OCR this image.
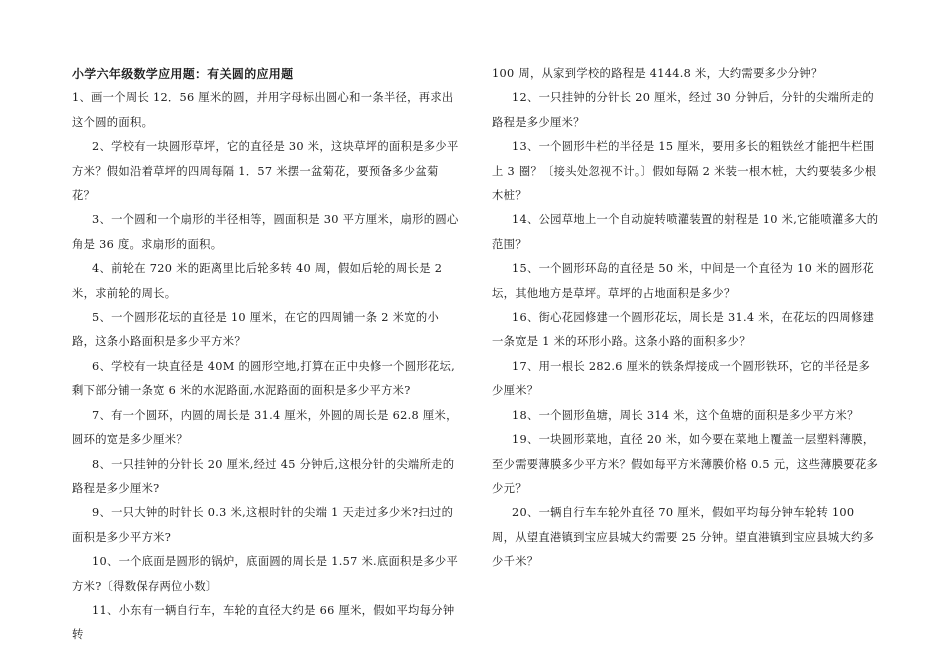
小学六年级数学应用题：有关圆的应用题

1、画一个周长 12．56 厘米的圆，并用字母标出圆心和一条半径，再求出这个圆的面积。

2、学校有一块圆形草坪，它的直径是 30 米，这块草坪的面积是多少平方米？假如沿着草坪的四周每隔 1．57 米摆一盆菊花，要预备多少盆菊花？

3、一个圆和一个扇形的半径相等，圆面积是 30 平方厘米，扇形的圆心角是 36 度。求扇形的面积。

4、前轮在 720 米的距离里比后轮多转 40 周，假如后轮的周长是 2 米，求前轮的周长。

5、一个圆形花坛的直径是 10 厘米，在它的四周铺一条 2 米宽的小路，这条小路面积是多少平方米？

6、学校有一块直径是 40M 的圆形空地,打算在正中央修一个圆形花坛,剩下部分铺一条宽 6 米的水泥路面,水泥路面的面积是多少平方米?

7、有一个圆环，内圆的周长是 31.4 厘米，外圆的周长是 62.8 厘米，圆环的宽是多少厘米？

8、一只挂钟的分针长 20 厘米,经过 45 分钟后,这根分针的尖端所走的路程是多少厘米?

9、一只大钟的时针长 0.3 米,这根时针的尖端 1 天走过多少米?扫过的面积是多少平方米?

10、一个底面是圆形的锅炉，底面圆的周长是 1.57 米.底面积是多少平方米?〔得数保存两位小数〕

11、小东有一辆自行车，车轮的直径大约是 66 厘米，假如平均每分钟转

100 周，从家到学校的路程是 4144.8 米，大约需要多少分钟？

12、一只挂钟的分针长 20 厘米，经过 30 分钟后，分针的尖端所走的路程是多少厘米？

13、一个圆形牛栏的半径是 15 厘米，要用多长的粗铁丝才能把牛栏围上 3 圈？〔接头处忽视不计。〕假如每隔 2 米装一根木桩，大约要装多少根木桩？

14、公园草地上一个自动旋转喷灌装置的射程是 10 米,它能喷灌多大的范围？

15、一个圆形环岛的直径是 50 米，中间是一个直径为 10 米的圆形花坛，其他地方是草坪。草坪的占地面积是多少？

16、街心花园修建一个圆形花坛，周长是 31.4 米，在花坛的四周修建一条宽是 1 米的环形小路。这条小路的面积多少？

17、用一根长 282.6 厘米的铁条焊接成一个圆形铁环，它的半径是多少厘米？

18、一个圆形鱼塘，周长 314 米，这个鱼塘的面积是多少平方米？

19、一块圆形菜地，直径 20 米，如今要在菜地上覆盖一层塑料薄膜，至少需要薄膜多少平方米？假如每平方米薄膜价格 0.5 元，这些薄膜要花多少元？

20、一辆自行车车轮外直径 70 厘米，假如平均每分钟车轮转 100 周，从望直港镇到宝应县城大约需要 25 分钟。望直港镇到宝应县城大约多少千米？
